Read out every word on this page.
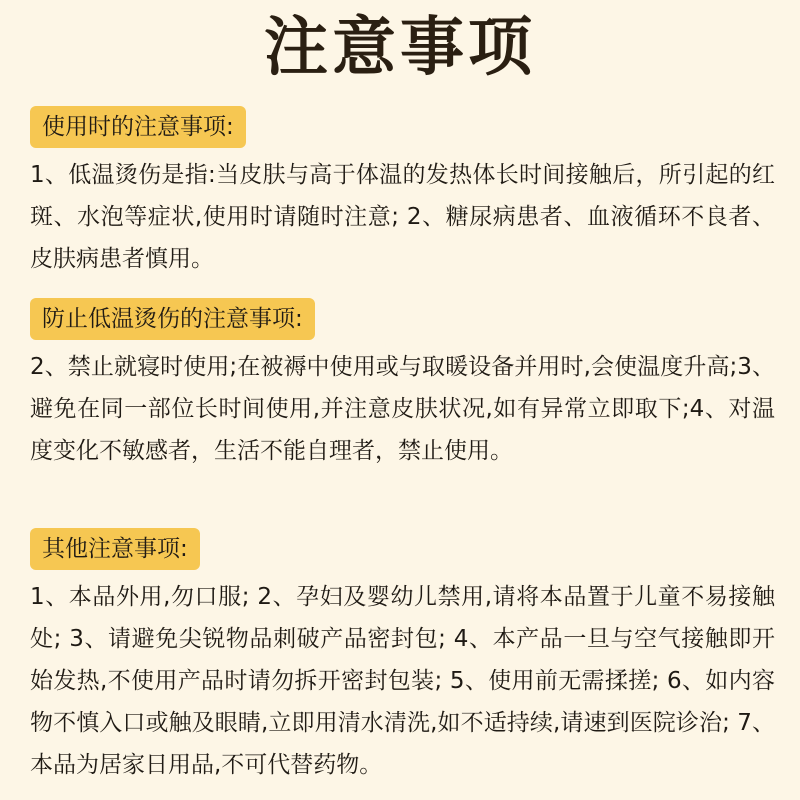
注意事项
使用时的注意事项:
1、低温烫伤是指:当皮肤与高于体温的发热体长时间接触后，所引起的红斑、水泡等症状,使用时请随时注意; 2、糖尿病患者、血液循环不良者、皮肤病患者慎用。
防止低温烫伤的注意事项:
2、禁止就寝时使用;在被褥中使用或与取暖设备并用时,会使温度升高;3、避免在同一部位长时间使用,并注意皮肤状况,如有异常立即取下;4、对温度变化不敏感者，生活不能自理者，禁止使用。
其他注意事项:
1、本品外用,勿口服; 2、孕妇及婴幼儿禁用,请将本品置于儿童不易接触处; 3、请避免尖锐物品刺破产品密封包; 4、本产品一旦与空气接触即开始发热,不使用产品时请勿拆开密封包装; 5、使用前无需揉搓; 6、如内容物不慎入口或触及眼睛,立即用清水清洗,如不适持续,请速到医院诊治; 7、本品为居家日用品,不可代替药物。
